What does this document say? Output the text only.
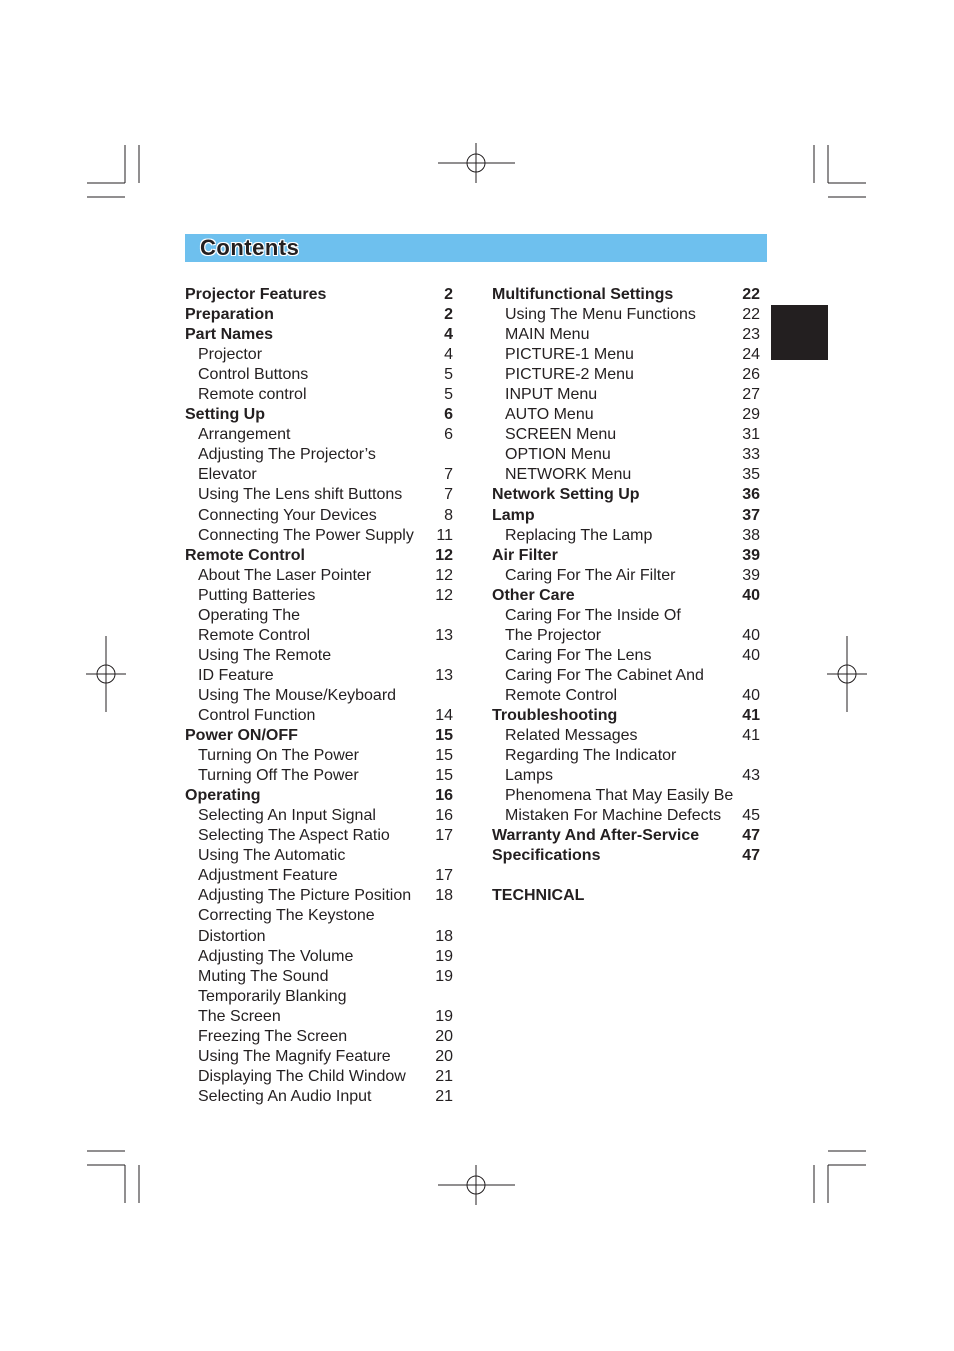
Contents
Projector Features	2
Preparation	2
Part Names	4
Projector	4
Control Buttons	5
Remote control	5
Setting Up	6
Arrangement	6
Adjusting The Projector’s
Elevator	7
Using The Lens shift Buttons	7
Connecting Your Devices	8
Connecting The Power Supply 11
Remote Control	12
About The Laser Pointer	12
Putting Batteries	12
Operating The
Remote Control	13
Using The Remote
ID Feature	13
Using The Mouse/Keyboard
Control Function	14
Power ON/OFF	15
Turning On The Power	15
Turning Off The Power	15
Operating	16
Selecting An Input Signal	16
Selecting The Aspect Ratio	17
Using The Automatic
Adjustment Feature	17
Adjusting The Picture Position 18
Correcting The Keystone
Distortion	18
Adjusting The Volume	19
Muting The Sound	19
Temporarily Blanking
The Screen	19
Freezing The Screen	20
Using The Magnify Feature	20
Displaying The Child Window 21
Selecting An Audio Input	21
Multifunctional Settings	22
Using The Menu Functions	22
MAIN Menu	23
PICTURE-1 Menu	24
PICTURE-2 Menu	26
INPUT Menu	27
AUTO Menu	29
SCREEN Menu	31
OPTION Menu	33
NETWORK Menu	35
Network Setting Up	36
Lamp	37
Replacing The Lamp	38
Air Filter	39
Caring For The Air Filter	39
Other Care	40
Caring For The Inside Of
The Projector	40
Caring For The Lens	40
Caring For The Cabinet And
Remote Control	40
Troubleshooting	41
Related Messages	41
Regarding The Indicator
Lamps	43
Phenomena That May Easily Be
Mistaken For Machine Defects 45
Warranty And After-Service	47
Specifications	47
TECHNICAL
